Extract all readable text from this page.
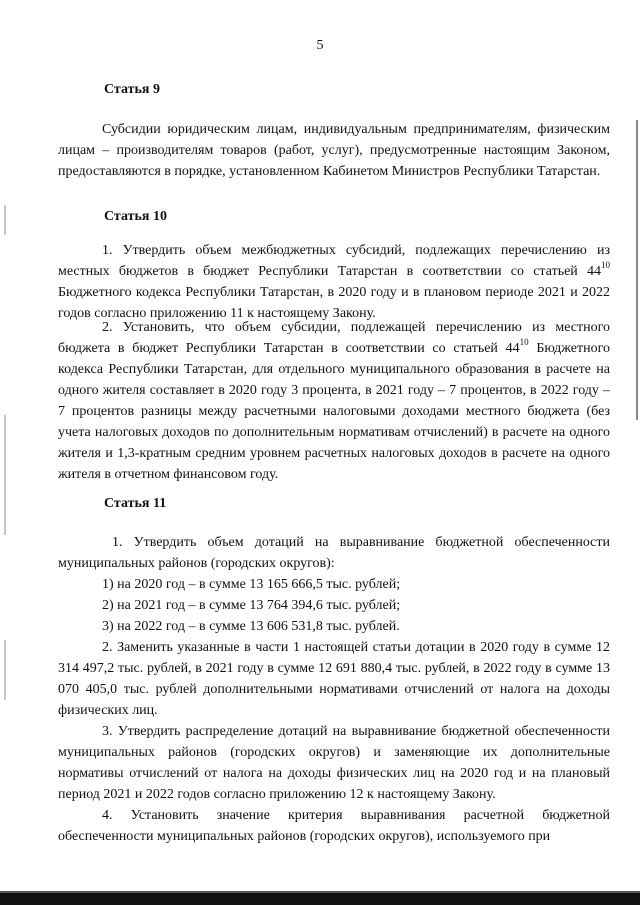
5
Статья 9
Субсидии юридическим лицам, индивидуальным предпринимателям, физическим лицам – производителям товаров (работ, услуг), предусмотренные настоящим Законом, предоставляются в порядке, установленном Кабинетом Министров Республики Татарстан.
Статья 10
1. Утвердить объем межбюджетных субсидий, подлежащих перечислению из местных бюджетов в бюджет Республики Татарстан в соответствии со статьей $44^{10}$ Бюджетного кодекса Республики Татарстан, в 2020 году и в плановом периоде 2021 и 2022 годов согласно приложению 11 к настоящему Закону.
2. Установить, что объем субсидии, подлежащей перечислению из местного бюджета в бюджет Республики Татарстан в соответствии со статьей $44^{10}$ Бюджетного кодекса Республики Татарстан, для отдельного муниципального образования в расчете на одного жителя составляет в 2020 году 3 процента, в 2021 году – 7 процентов, в 2022 году – 7 процентов разницы между расчетными налоговыми доходами местного бюджета (без учета налоговых доходов по дополнительным нормативам отчислений) в расчете на одного жителя и 1,3-кратным средним уровнем расчетных налоговых доходов в расчете на одного жителя в отчетном финансовом году.
Статья 11
1. Утвердить объем дотаций на выравнивание бюджетной обеспеченности муниципальных районов (городских округов):
1) на 2020 год – в сумме 13 165 666,5 тыс. рублей;
2) на 2021 год – в сумме 13 764 394,6 тыс. рублей;
3) на 2022 год – в сумме 13 606 531,8 тыс. рублей.
2. Заменить указанные в части 1 настоящей статьи дотации в 2020 году в сумме 12 314 497,2 тыс. рублей, в 2021 году в сумме 12 691 880,4 тыс. рублей, в 2022 году в сумме 13 070 405,0 тыс. рублей дополнительными нормативами отчислений от налога на доходы физических лиц.
3. Утвердить распределение дотаций на выравнивание бюджетной обеспеченности муниципальных районов (городских округов) и заменяющие их дополнительные нормативы отчислений от налога на доходы физических лиц на 2020 год и на плановый период 2021 и 2022 годов согласно приложению 12 к настоящему Закону.
4. Установить значение критерия выравнивания расчетной бюджетной обеспеченности муниципальных районов (городских округов), используемого при
